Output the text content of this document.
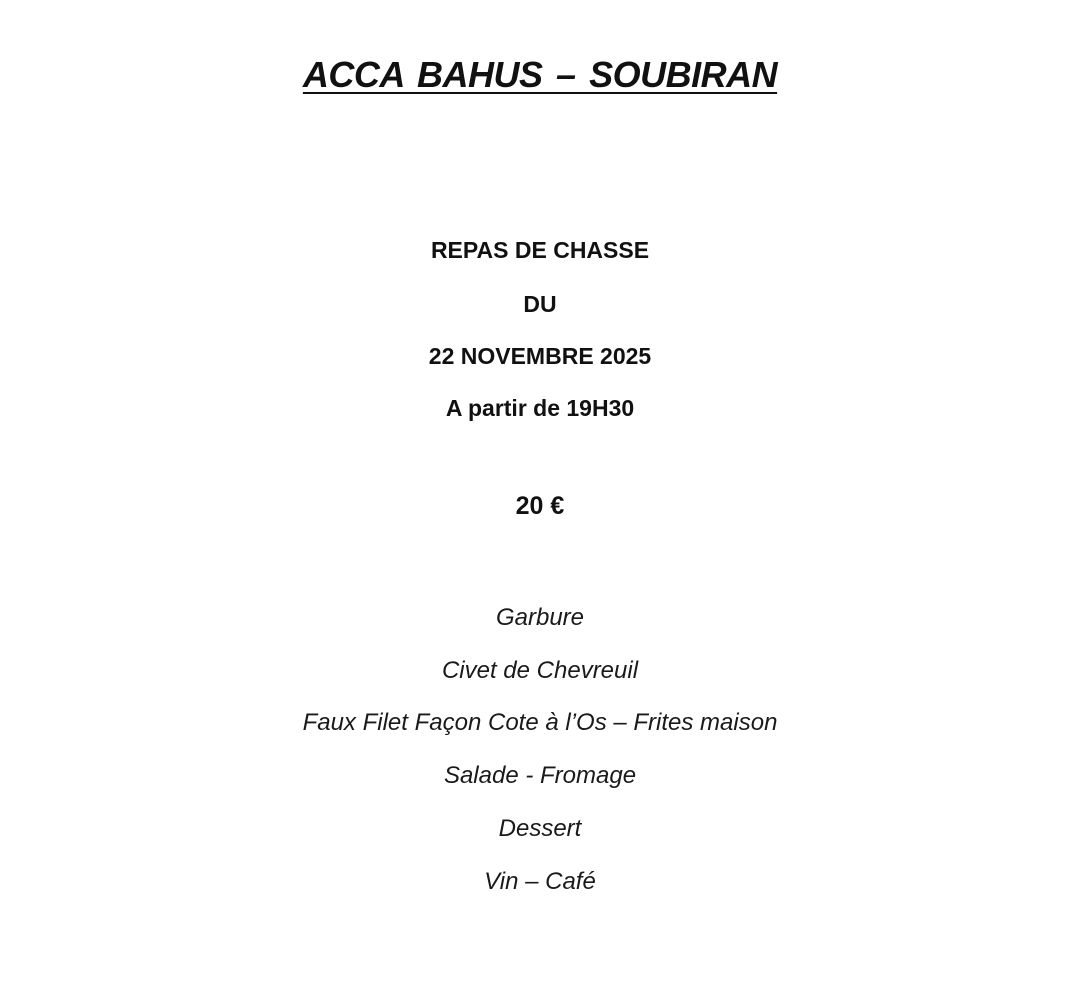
ACCA BAHUS – SOUBIRAN
REPAS DE CHASSE
DU
22 NOVEMBRE 2025
A partir de 19H30
20 €
Garbure
Civet de Chevreuil
Faux Filet Façon Cote à l’Os – Frites maison
Salade - Fromage
Dessert
Vin – Café
